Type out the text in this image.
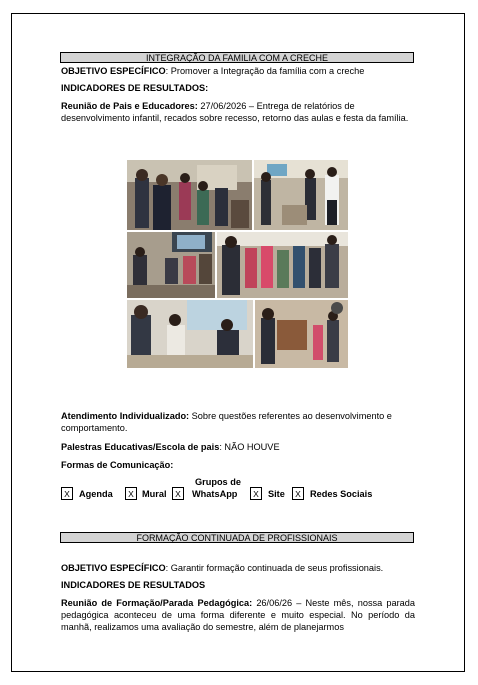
INTEGRAÇÃO DA FAMILIA COM A CRECHE
OBJETIVO ESPECÍFICO: Promover a Integração da família com a creche
INDICADORES DE RESULTADOS:
Reunião de Pais e Educadores: 27/06/2026 – Entrega de relatórios de desenvolvimento infantil, recados sobre recesso, retorno das aulas e festa da família.
Atendimento Individualizado: Sobre questões referentes ao desenvolvimento e comportamento.
Palestras Educativas/Escola de pais: NÃO HOUVE
Formas de Comunicação:
X Agenda	X Mural	X
Grupos de
WhatsApp	X Site	X Redes Sociais
FORMAÇÃO CONTINUADA DE PROFISSIONAIS
OBJETIVO ESPECÍFICO: Garantir formação continuada de seus profissionais.
INDICADORES DE RESULTADOS
Reunião de Formação/Parada Pedagógica: 26/06/26 – Neste mês, nossa parada pedagógica aconteceu de uma forma diferente e muito especial. No período da manhã, realizamos uma avaliação do semestre, além de planejarmos
